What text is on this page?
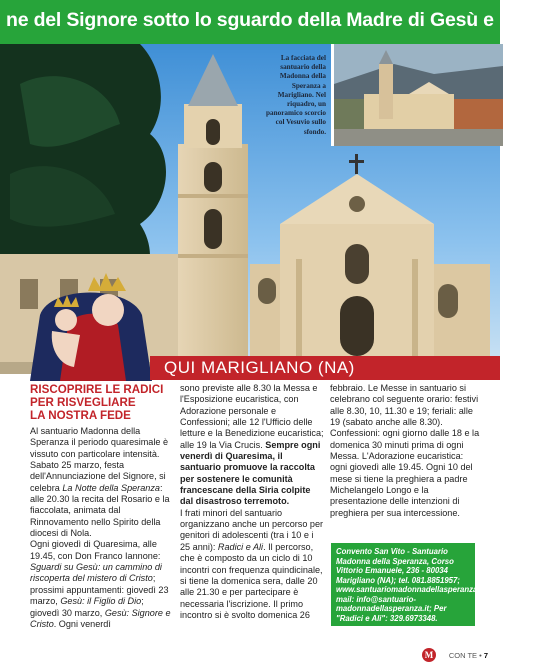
ne del Signore sotto lo sguardo della Madre di Gesù e nostra
La facciata del santuario della Madonna della Speranza a Marigliano. Nel riquadro, un panoramico scorcio col Vesuvio sullo sfondo.
QUI MARIGLIANO (NA)
RISCOPRIRE LE RADICI
PER RISVEGLIARE
LA NOSTRA FEDE

Al santuario Madonna della Speranza il periodo quaresimale è vissuto con particolare intensità. Sabato 25 marzo, festa dell'Annunciazione del Signore, si celebra La Notte della Speranza: alle 20.30 la recita del Rosario e la fiaccolata, animata dal Rinnovamento nello Spirito della diocesi di Nola.

Ogni giovedì di Quaresima, alle 19.45, con Don Franco Iannone: Sguardi su Gesù: un cammino di riscoperta del mistero di Cristo; prossimi appuntamenti: giovedì 23 marzo, Gesù: il Figlio di Dio; giovedì 30 marzo, Gesù: Signore e Cristo. Ogni venerdì

sono previste alle 8.30 la Messa e l'Esposizione eucaristica, con Adorazione personale e Confessioni; alle 12 l'Ufficio delle letture e la Benedizione eucaristica; alle 19 la Via Crucis. Sempre ogni venerdì di Quaresima, il santuario promuove la raccolta per sostenere le comunità francescane della Siria colpite dal disastroso terremoto.

I frati minori del santuario organizzano anche un percorso per genitori di adolescenti (tra i 10 e i 25 anni): Radici e Ali. Il percorso, che è composto da un ciclo di 10 incontri con frequenza quindicinale, si tiene la domenica sera, dalle 20 alle 21.30 e per partecipare è necessaria l'iscrizione. Il primo incontro si è svolto domenica 26

febbraio. Le Messe in santuario si celebrano col seguente orario: festivi alle 8.30, 10, 11.30 e 19; feriali: alle 19 (sabato anche alle 8.30). Confessioni: ogni giorno dalle 18 e la domenica 30 minuti prima di ogni Messa. L'Adorazione eucaristica: ogni giovedì alle 19.45. Ogni 10 del mese si tiene la preghiera a padre Michelangelo Longo e la presentazione delle intenzioni di preghiera per sua intercessione.

Convento San Vito - Santuario Madonna della Speranza, Corso Vittorio Emanuele, 236 - 80034 Marigliano (NA); tel. 081.8851957; www.santuariomadonnadellasperanza.it; mail: info@santuario-madonnadellasperanza.it; Per "Radici e Ali": 329.6973348.

M	CON TE • 7
